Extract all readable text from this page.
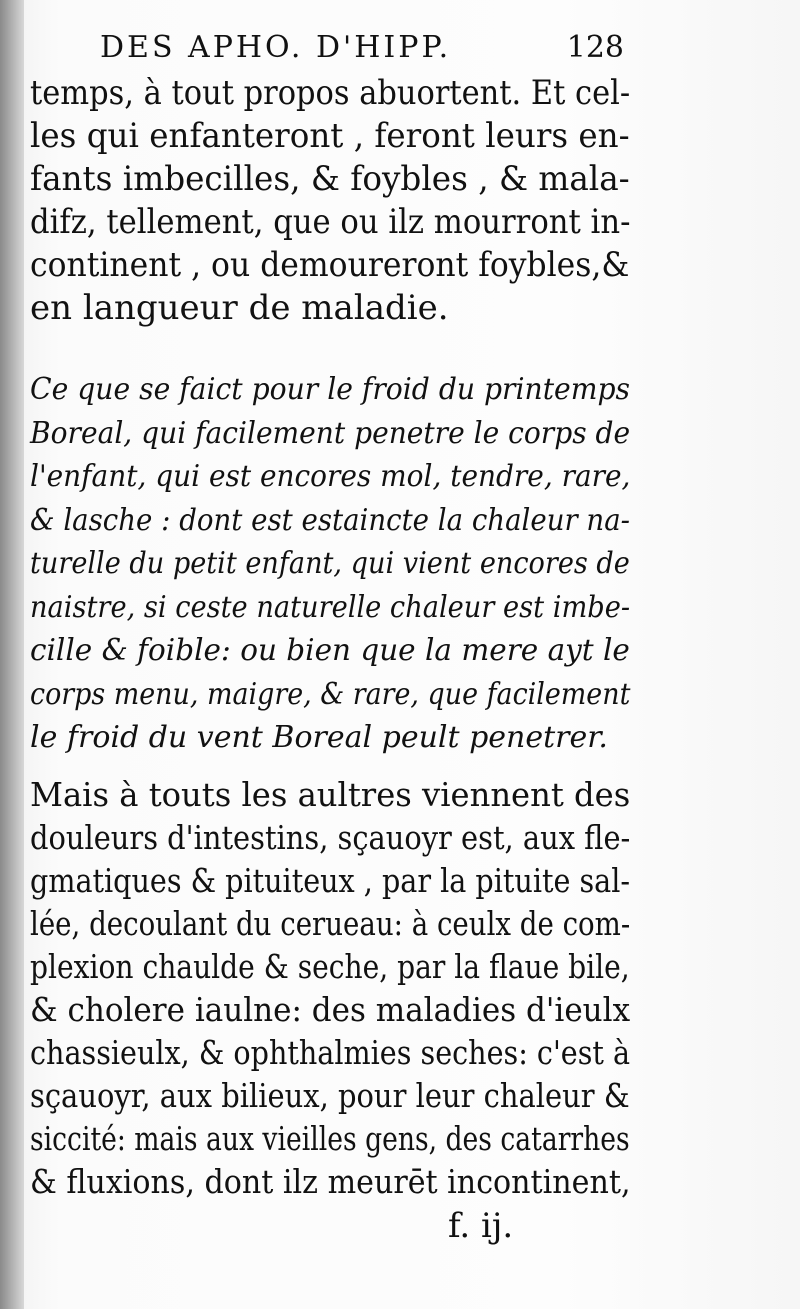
DES APHO. D'HIPP.	128
temps, à tout propos abuortent. Et cel-
les qui enfanteront , feront leurs en-
fants imbecilles, & foybles , & mala-
difz, tellement, que ou ilz mourront in-
continent , ou demoureront foybles,&
en langueur de maladie.
Ce que se faict pour le froid du printemps
Boreal, qui facilement penetre le corps de
l'enfant, qui est encores mol, tendre, rare,
& lasche : dont est estaincte la chaleur na-
turelle du petit enfant, qui vient encores de
naistre, si ceste naturelle chaleur est imbe-
cille & foible: ou bien que la mere ayt le
corps menu, maigre, & rare, que facilement
le froid du vent Boreal peult penetrer.
Mais à touts les aultres viennent des
douleurs d'intestins, sçauoyr est, aux fle-
gmatiques & pituiteux , par la pituite sal-
lée, decoulant du cerueau: à ceulx de com-
plexion chaulde & seche, par la flaue bile,
& cholere iaulne: des maladies d'ieulx
chassieulx, & ophthalmies seches: c'est à
sçauoyr, aux bilieux, pour leur chaleur &
siccité: mais aux vieilles gens, des catarrhes
& fluxions, dont ilz meurēt incontinent,
f. ij.
